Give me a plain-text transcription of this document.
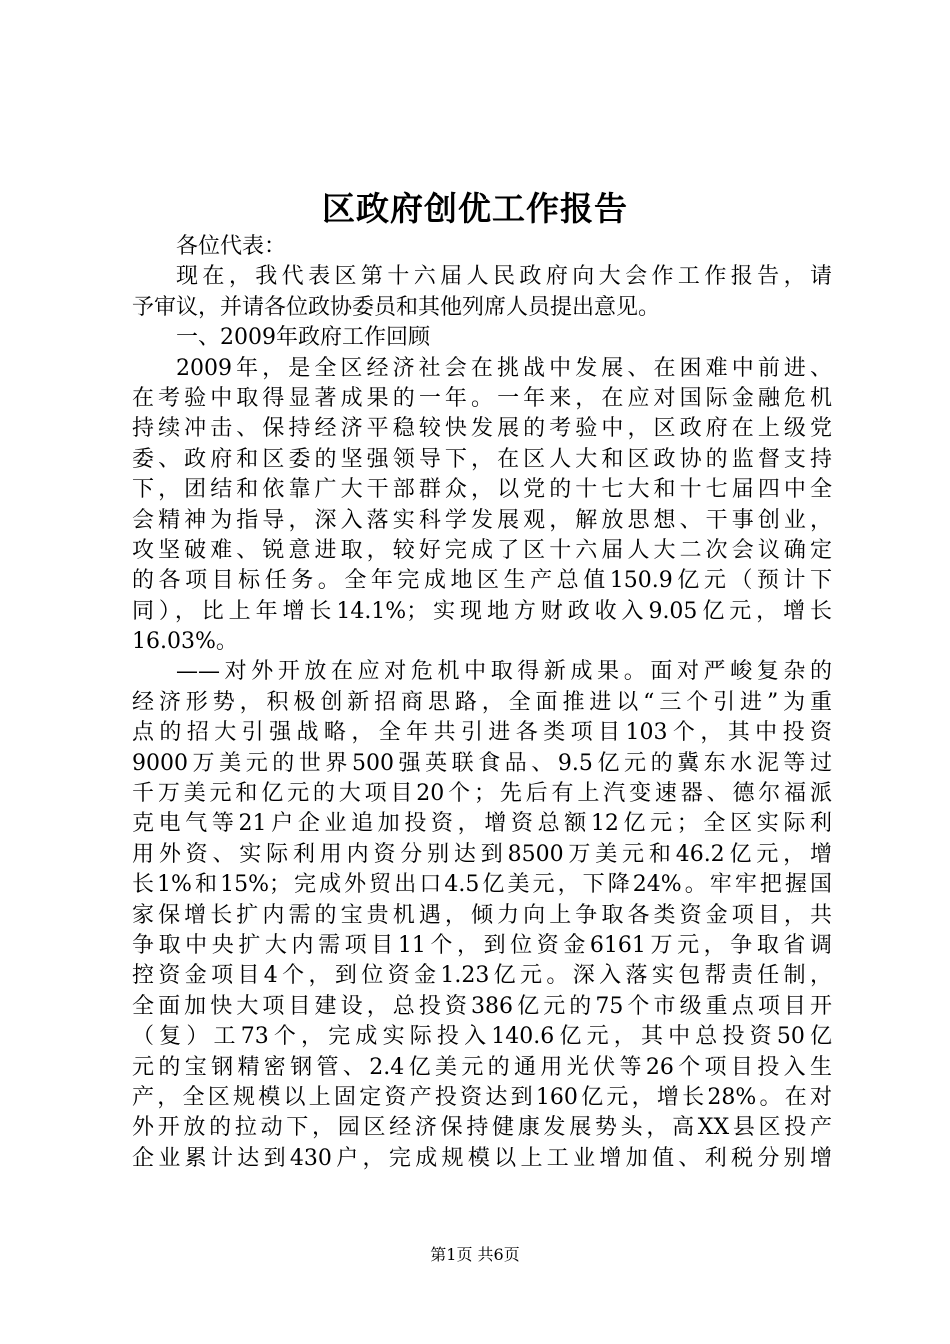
区政府创优工作报告
各位代表：
现在，我代表区第十六届人民政府向大会作工作报告，请
予审议，并请各位政协委员和其他列席人员提出意见。
一、2009年政府工作回顾
2009年，是全区经济社会在挑战中发展、在困难中前进、
在考验中取得显著成果的一年。一年来，在应对国际金融危机
持续冲击、保持经济平稳较快发展的考验中，区政府在上级党
委、政府和区委的坚强领导下，在区人大和区政协的监督支持
下，团结和依靠广大干部群众，以党的十七大和十七届四中全
会精神为指导，深入落实科学发展观，解放思想、干事创业，
攻坚破难、锐意进取，较好完成了区十六届人大二次会议确定
的各项目标任务。全年完成地区生产总值150.9亿元（预计下
同），比上年增长14.1%；实现地方财政收入9.05亿元，增长
16.03%。
——对外开放在应对危机中取得新成果。面对严峻复杂的
经济形势，积极创新招商思路，全面推进以“三个引进”为重
点的招大引强战略，全年共引进各类项目103个，其中投资
9000万美元的世界500强英联食品、9.5亿元的冀东水泥等过
千万美元和亿元的大项目20个；先后有上汽变速器、德尔福派
克电气等21户企业追加投资，增资总额12亿元；全区实际利
用外资、实际利用内资分别达到8500万美元和46.2亿元，增
长1%和15%；完成外贸出口4.5亿美元，下降24%。牢牢把握国
家保增长扩内需的宝贵机遇，倾力向上争取各类资金项目，共
争取中央扩大内需项目11个，到位资金6161万元，争取省调
控资金项目4个，到位资金1.23亿元。深入落实包帮责任制，
全面加快大项目建设，总投资386亿元的75个市级重点项目开
（复）工73个，完成实际投入140.6亿元，其中总投资50亿
元的宝钢精密钢管、2.4亿美元的通用光伏等26个项目投入生
产，全区规模以上固定资产投资达到160亿元，增长28%。在对
外开放的拉动下，园区经济保持健康发展势头，高XX县区投产
企业累计达到430户，完成规模以上工业增加值、利税分别增
第1页 共6页
